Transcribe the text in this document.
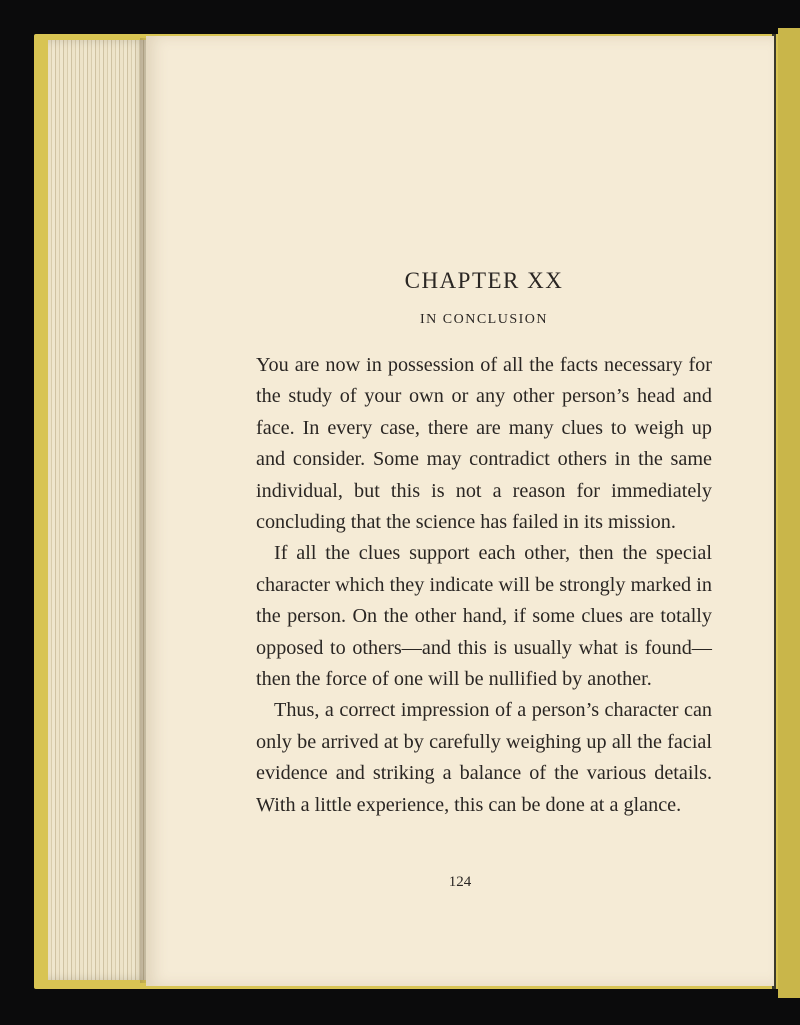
CHAPTER XX
IN CONCLUSION

You are now in possession of all the facts necessary for the study of your own or any other person’s head and face. In every case, there are many clues to weigh up and consider. Some may contradict others in the same individual, but this is not a reason for immediately concluding that the science has failed in its mission.

If all the clues support each other, then the special character which they indicate will be strongly marked in the person. On the other hand, if some clues are totally opposed to others—and this is usually what is found—then the force of one will be nullified by another.

Thus, a correct impression of a person’s character can only be arrived at by carefully weighing up all the facial evidence and striking a balance of the various details. With a little experience, this can be done at a glance.

124
